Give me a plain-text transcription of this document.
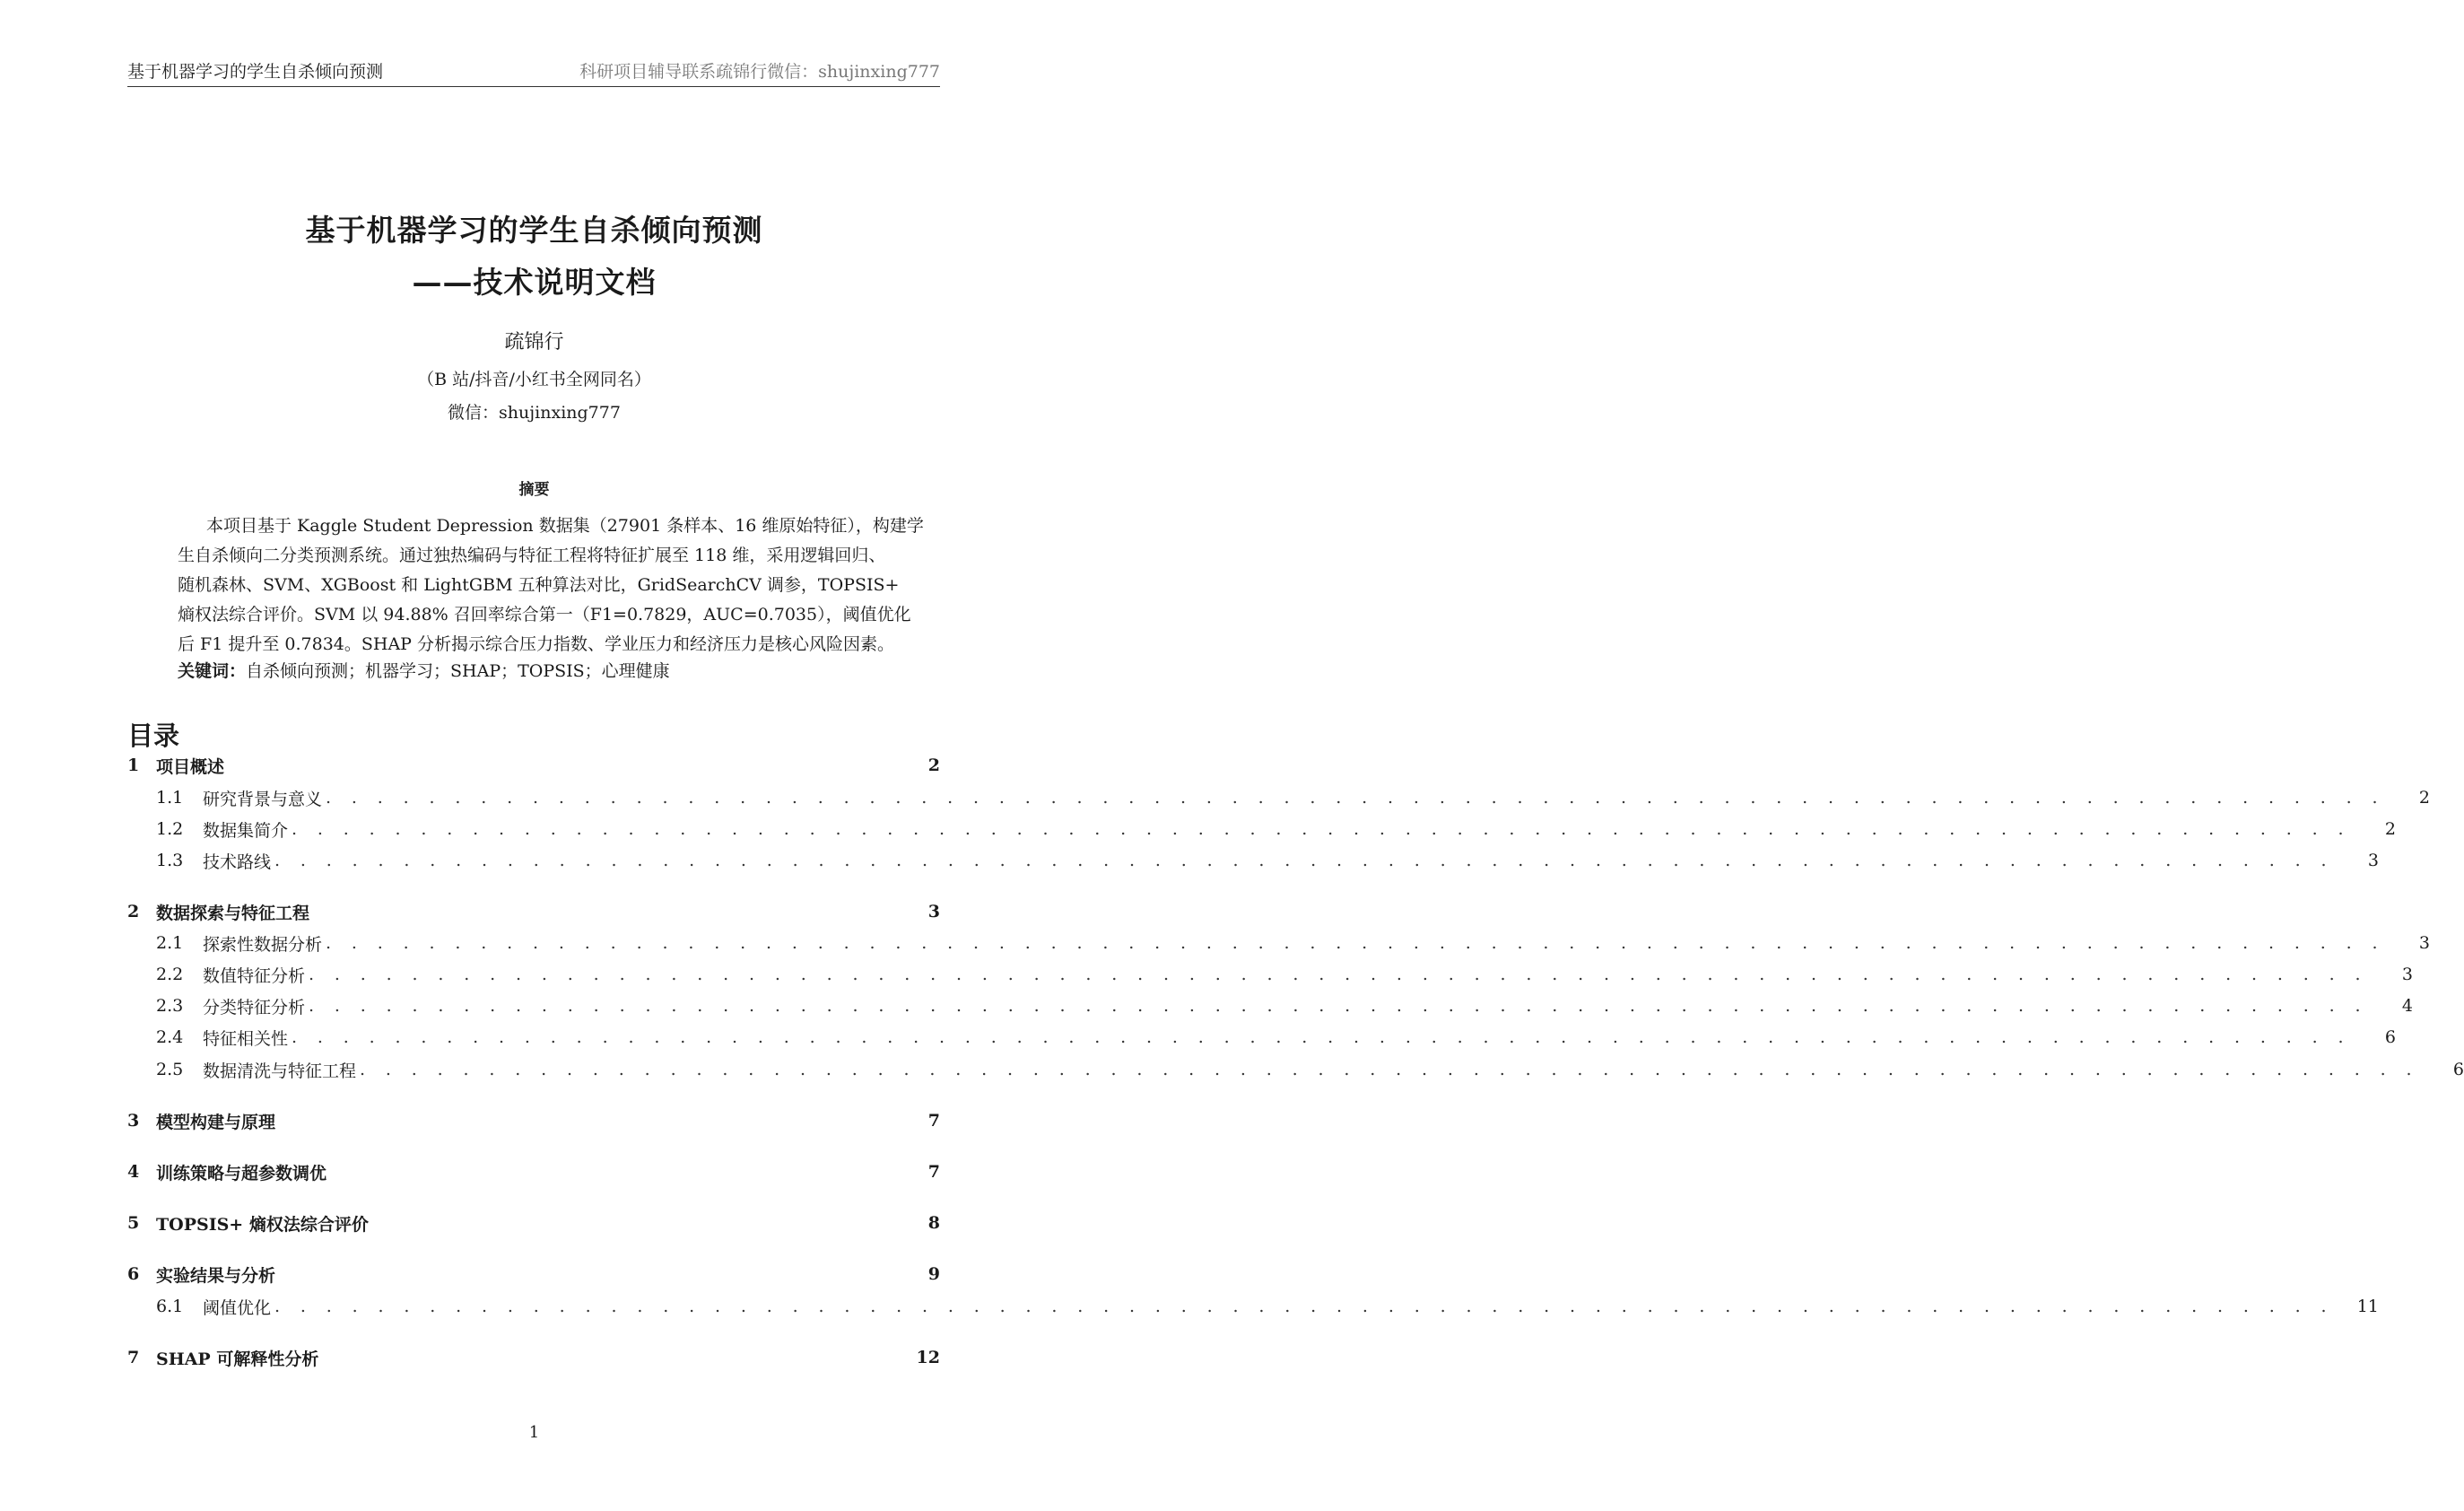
基于机器学习的学生自杀倾向预测	科研项目辅导联系疏锦行微信：shujinxing777
基于机器学习的学生自杀倾向预测
——技术说明文档
疏锦行
（B 站/抖音/小红书全网同名）
微信：shujinxing777
摘要
本项目基于 Kaggle Student Depression 数据集（27901 条样本、16 维原始特征），构建学
生自杀倾向二分类预测系统。通过独热编码与特征工程将特征扩展至 118 维，采用逻辑回归、
随机森林、SVM、XGBoost 和 LightGBM 五种算法对比，GridSearchCV 调参，TOPSIS+
熵权法综合评价。SVM 以 94.88% 召回率综合第一（F1=0.7829，AUC=0.7035），阈值优化
后 F1 提升至 0.7834。SHAP 分析揭示综合压力指数、学业压力和经济压力是核心风险因素。
关键词：自杀倾向预测；机器学习；SHAP；TOPSIS；心理健康
目录
1 项目概述	2
1.1	研究背景与意义 . . . . . . . . . . . . . . . . . . . . . . . . . . . . . . . . . . . . . . . . . . . . . . . . . . . . . . . . . . . . . . . . . . . . . . . . . . . . . . . .	2
1.2	数据集简介 . . . . . . . . . . . . . . . . . . . . . . . . . . . . . . . . . . . . . . . . . . . . . . . . . . . . . . . . . . . . . . . . . . . . . . . . . . . . . . . .	2
1.3	技术路线 . . . . . . . . . . . . . . . . . . . . . . . . . . . . . . . . . . . . . . . . . . . . . . . . . . . . . . . . . . . . . . . . . . . . . . . . . . . . . . . .	3
2 数据探索与特征工程	3
2.1	探索性数据分析 . . . . . . . . . . . . . . . . . . . . . . . . . . . . . . . . . . . . . . . . . . . . . . . . . . . . . . . . . . . . . . . . . . . . . . . . . . . . . . . .	3
2.2	数值特征分析 . . . . . . . . . . . . . . . . . . . . . . . . . . . . . . . . . . . . . . . . . . . . . . . . . . . . . . . . . . . . . . . . . . . . . . . . . . . . . . . .	3
2.3	分类特征分析 . . . . . . . . . . . . . . . . . . . . . . . . . . . . . . . . . . . . . . . . . . . . . . . . . . . . . . . . . . . . . . . . . . . . . . . . . . . . . . . .	4
2.4	特征相关性 . . . . . . . . . . . . . . . . . . . . . . . . . . . . . . . . . . . . . . . . . . . . . . . . . . . . . . . . . . . . . . . . . . . . . . . . . . . . . . . .	6
2.5	数据清洗与特征工程 . . . . . . . . . . . . . . . . . . . . . . . . . . . . . . . . . . . . . . . . . . . . . . . . . . . . . . . . . . . . . . . . . . . . . . . . . . . . . . . .	6
3 模型构建与原理	7
4 训练策略与超参数调优	7
5 TOPSIS+ 熵权法综合评价	8
6 实验结果与分析	9
6.1	阈值优化 . . . . . . . . . . . . . . . . . . . . . . . . . . . . . . . . . . . . . . . . . . . . . . . . . . . . . . . . . . . . . . . . . . . . . . . . . . . . . . . .	11
7 SHAP 可解释性分析	12
1
